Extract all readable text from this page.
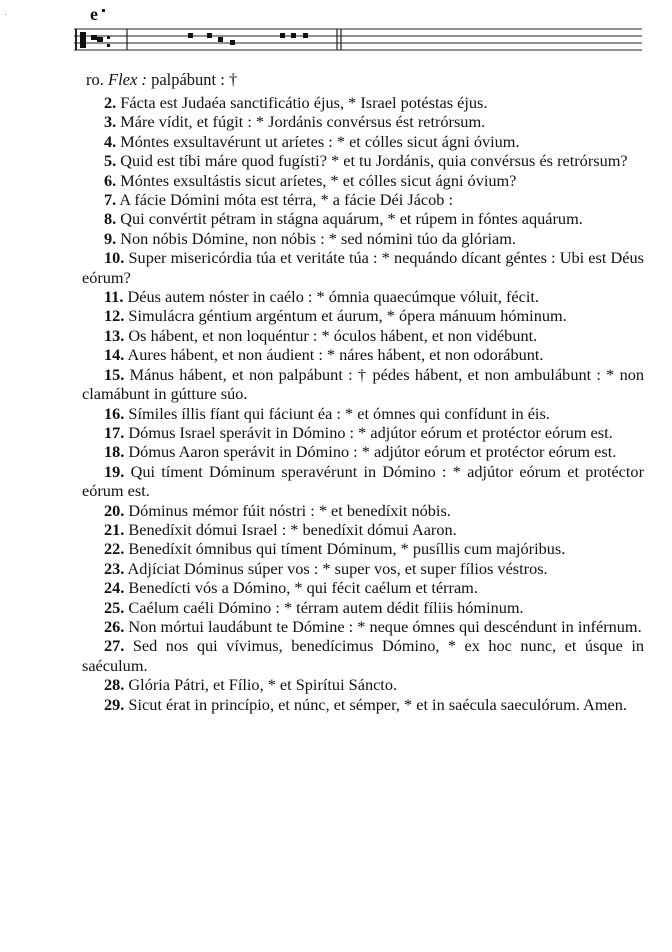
e
ro. Flex : palpábunt : †

2. Fácta est Judaéa sanctificátio éjus, * Israel potéstas éjus.

3. Máre vídit, et fúgit : * Jordánis convérsus ést retrórsum.

4. Móntes exsultavérunt ut aríetes : * et cólles sicut ágni óvium.

5. Quid est tíbi máre quod fugísti? * et tu Jordánis, quia convérsus és retrórsum?

6. Móntes exsultástis sicut aríetes, * et cólles sicut ágni óvium?

7. A fácie Dómini móta est térra, * a fácie Déi Jácob :

8. Qui convértit pétram in stágna aquárum, * et rúpem in fóntes aquárum.

9. Non nóbis Dómine, non nóbis : * sed nómini túo da glóriam.

10. Super misericórdia túa et veritáte túa : * nequándo dícant géntes : Ubi est Déus eórum?

11. Déus autem nóster in caélo : * ómnia quaecúmque vóluit, fécit.

12. Simulácra géntium argéntum et áurum, * ópera mánuum hóminum.

13. Os hábent, et non loquéntur : * óculos hábent, et non vidébunt.

14. Aures hábent, et non áudient : * náres hábent, et non odorábunt.

15. Mánus hábent, et non palpábunt : † pédes hábent, et non ambulábunt : * non clamábunt in gútture súo.

16. Símiles íllis fíant qui fáciunt éa : * et ómnes qui confídunt in éis.

17. Dómus Israel sperávit in Dómino : * adjútor eórum et protéctor eórum est.

18. Dómus Aaron sperávit in Dómino : * adjútor eórum et protéctor eórum est.

19. Qui tíment Dóminum speravérunt in Dómino : * adjútor eórum et protéctor eórum est.

20. Dóminus mémor fúit nóstri : * et benedíxit nóbis.

21. Benedíxit dómui Israel : * benedíxit dómui Aaron.

22. Benedíxit ómnibus qui tíment Dóminum, * pusíllis cum majóribus.

23. Adjíciat Dóminus súper vos : * super vos, et super fílios véstros.

24. Benedícti vós a Dómino, * qui fécit caélum et térram.

25. Caélum caéli Dómino : * térram autem dédit fíliis hóminum.

26. Non mórtui laudábunt te Dómine : * neque ómnes qui descéndunt in inférnum.

27. Sed nos qui vívimus, benedícimus Dómino, * ex hoc nunc, et úsque in saéculum.

28. Glória Pátri, et Fílio, * et Spirítui Sáncto.

29. Sicut érat in princípio, et núnc, et sémper, * et in saécula saeculórum. Amen.

·
